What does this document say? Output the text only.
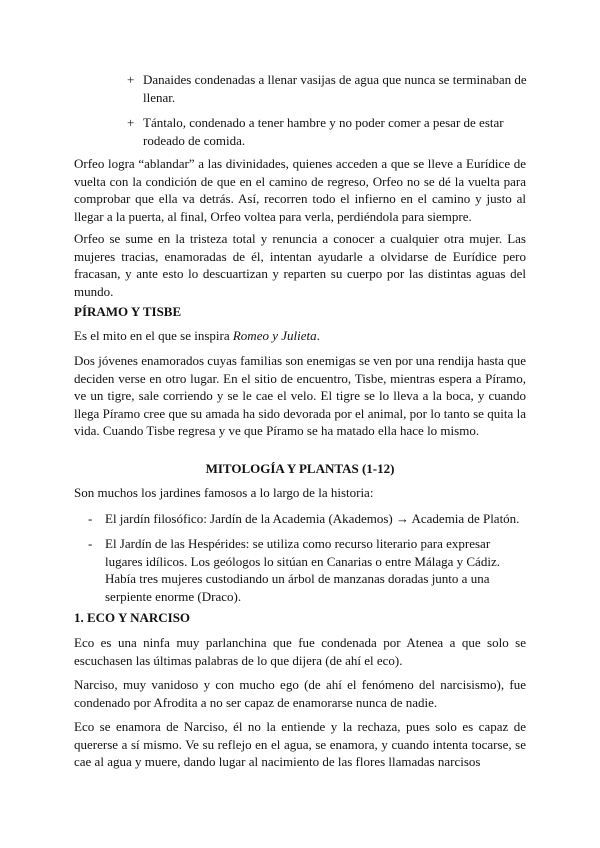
+ Danaides condenadas a llenar vasijas de agua que nunca se terminaban de llenar.
+ Tántalo, condenado a tener hambre y no poder comer a pesar de estar rodeado de comida.

Orfeo logra “ablandar” a las divinidades, quienes acceden a que se lleve a Eurídice de vuelta con la condición de que en el camino de regreso, Orfeo no se dé la vuelta para comprobar que ella va detrás. Así, recorren todo el infierno en el camino y justo al llegar a la puerta, al final, Orfeo voltea para verla, perdiéndola para siempre.

Orfeo se sume en la tristeza total y renuncia a conocer a cualquier otra mujer. Las mujeres tracias, enamoradas de él, intentan ayudarle a olvidarse de Eurídice pero fracasan, y ante esto lo descuartizan y reparten su cuerpo por las distintas aguas del mundo.

PÍRAMO Y TISBE

Es el mito en el que se inspira Romeo y Julieta.

Dos jóvenes enamorados cuyas familias son enemigas se ven por una rendija hasta que deciden verse en otro lugar. En el sitio de encuentro, Tisbe, mientras espera a Píramo, ve un tigre, sale corriendo y se le cae el velo. El tigre se lo lleva a la boca, y cuando llega Píramo cree que su amada ha sido devorada por el animal, por lo tanto se quita la vida. Cuando Tisbe regresa y ve que Píramo se ha matado ella hace lo mismo.

MITOLOGÍA Y PLANTAS (1-12)

Son muchos los jardines famosos a lo largo de la historia:

- El jardín filosófico: Jardín de la Academia (Akademos) → Academia de Platón.
- El Jardín de las Hespérides: se utiliza como recurso literario para expresar lugares idílicos. Los geólogos lo sitúan en Canarias o entre Málaga y Cádiz. Había tres mujeres custodiando un árbol de manzanas doradas junto a una serpiente enorme (Draco).

1. ECO Y NARCISO

Eco es una ninfa muy parlanchina que fue condenada por Atenea a que solo se escuchasen las últimas palabras de lo que dijera (de ahí el eco).

Narciso, muy vanidoso y con mucho ego (de ahí el fenómeno del narcisismo), fue condenado por Afrodita a no ser capaz de enamorarse nunca de nadie.

Eco se enamora de Narciso, él no la entiende y la rechaza, pues solo es capaz de quererse a sí mismo. Ve su reflejo en el agua, se enamora, y cuando intenta tocarse, se cae al agua y muere, dando lugar al nacimiento de las flores llamadas narcisos
